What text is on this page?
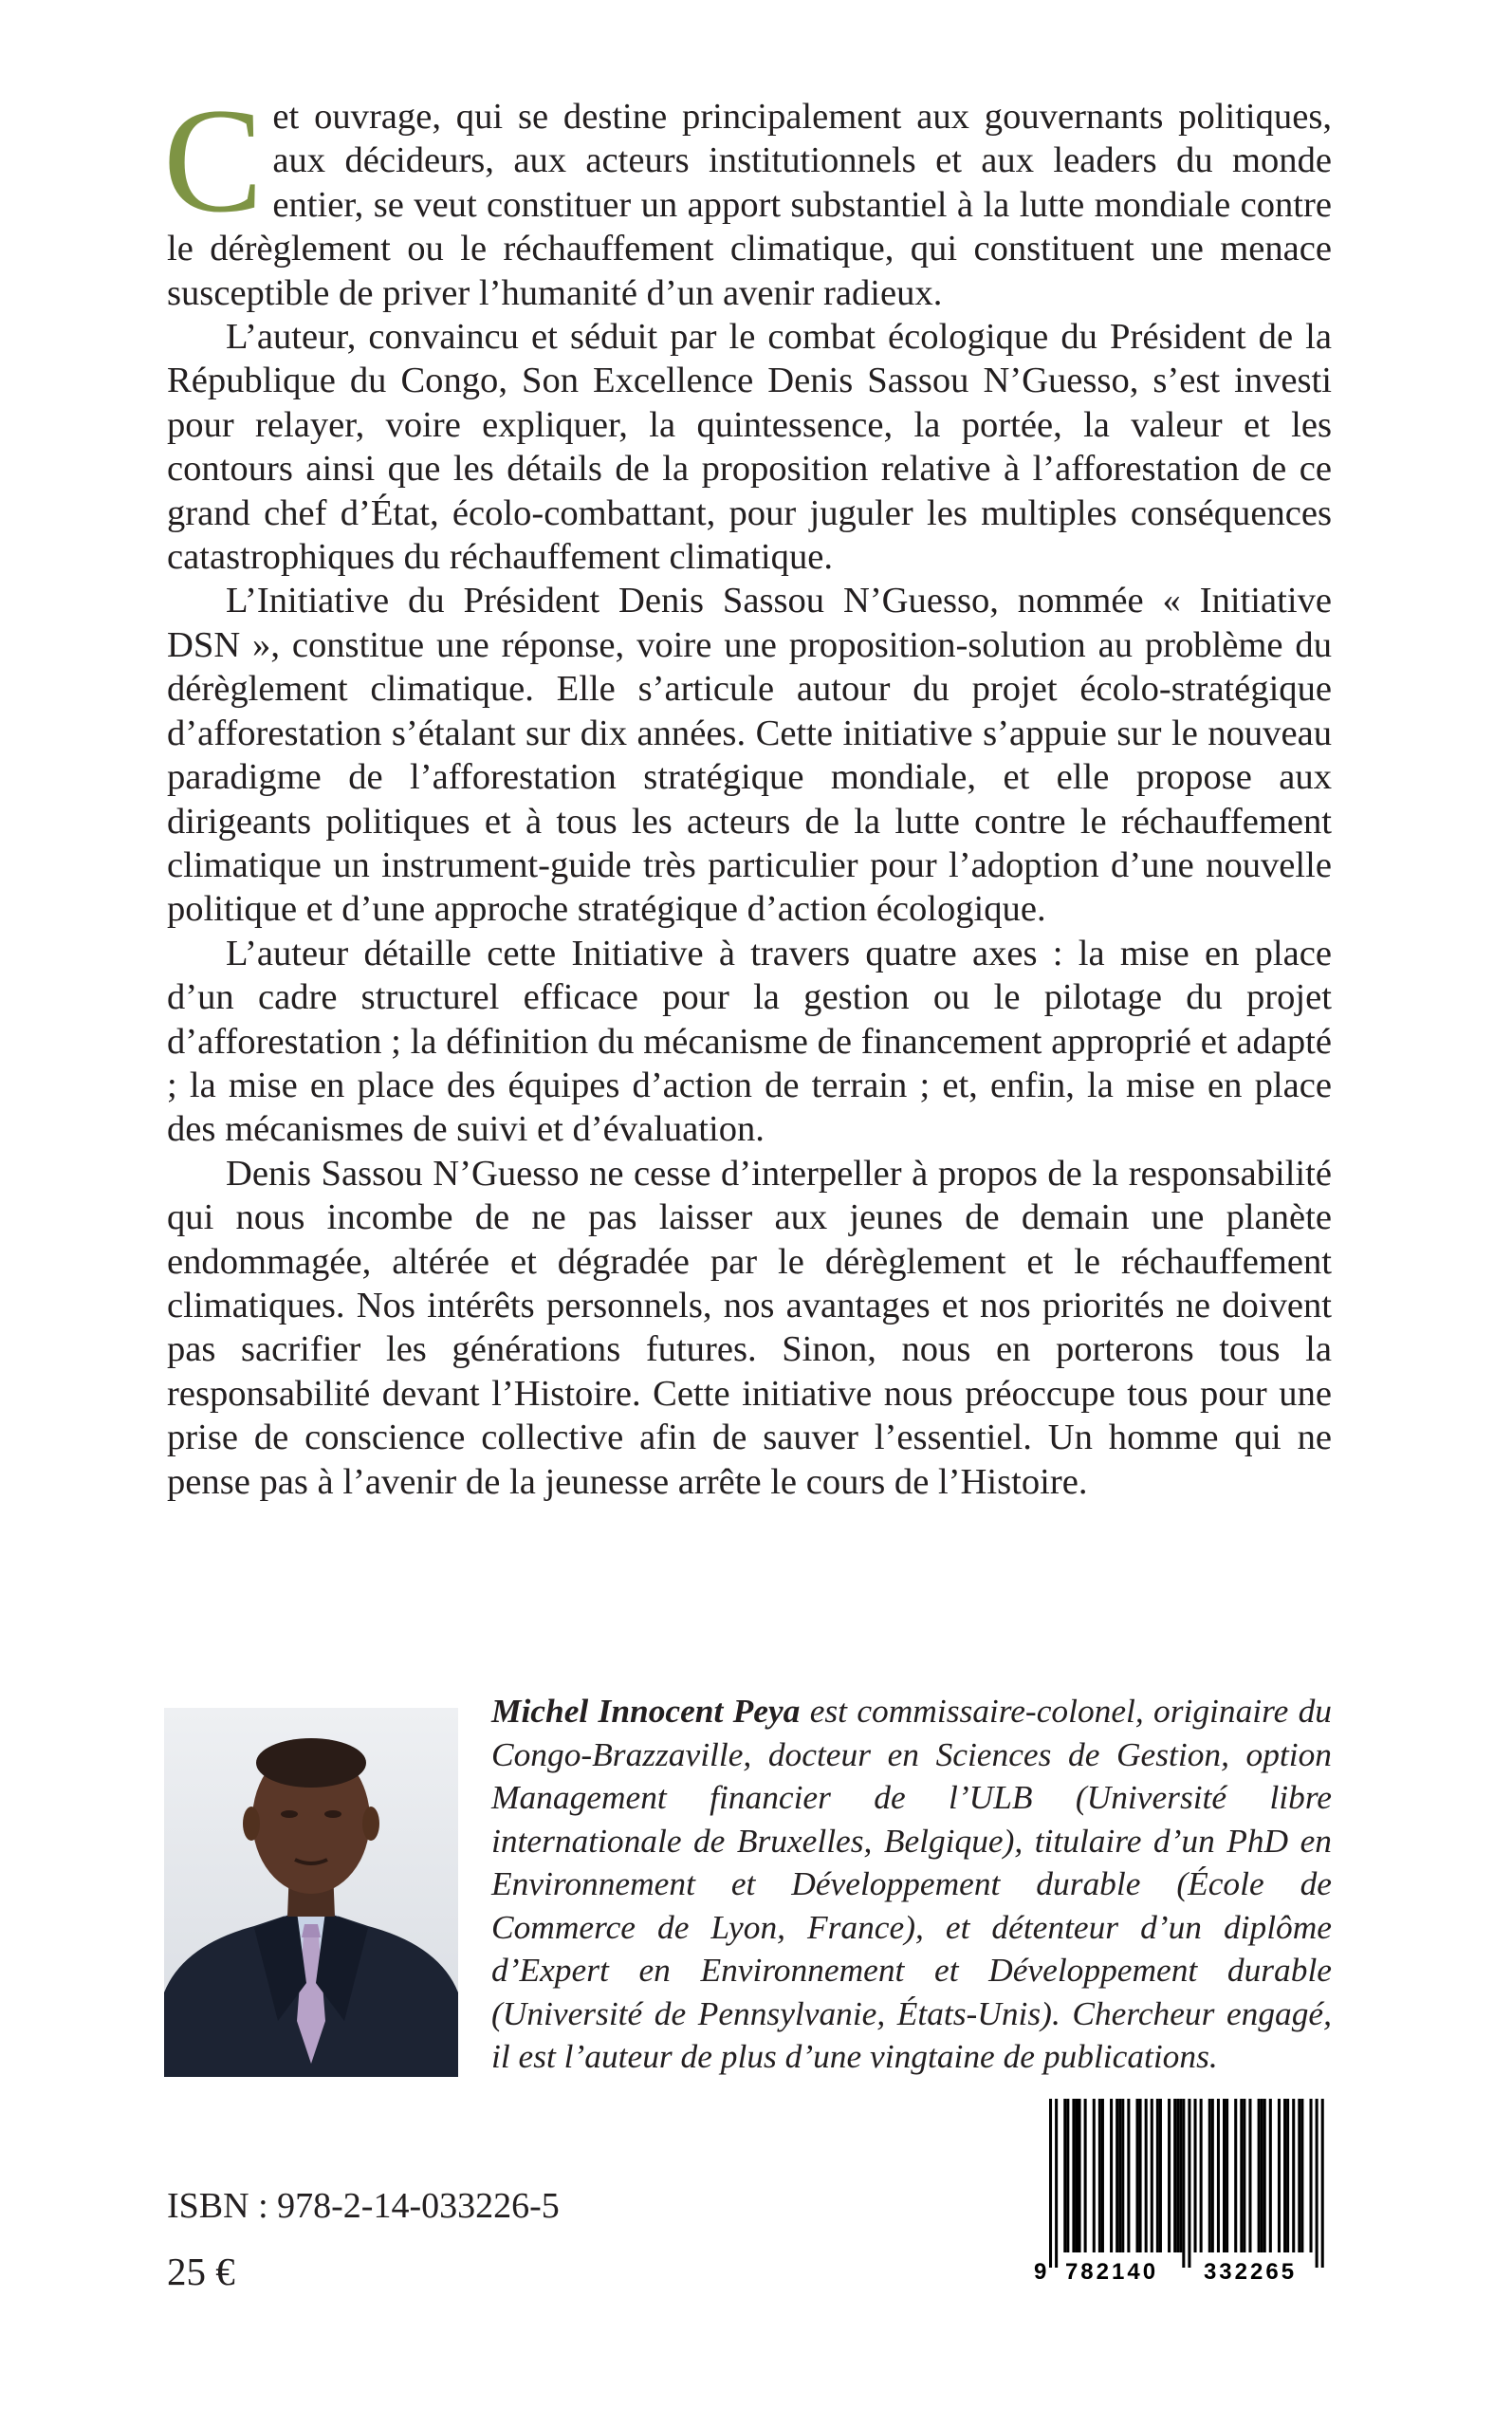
Cet ouvrage, qui se destine principalement aux gouvernants politiques, aux décideurs, aux acteurs institutionnels et aux leaders du monde entier, se veut constituer un apport substantiel à la lutte mondiale contre le dérèglement ou le réchauffement climatique, qui constituent une menace susceptible de priver l’humanité d’un avenir radieux.

L’auteur, convaincu et séduit par le combat écologique du Président de la République du Congo, Son Excellence Denis Sassou N’Guesso, s’est investi pour relayer, voire expliquer, la quintessence, la portée, la valeur et les contours ainsi que les détails de la proposition relative à l’afforestation de ce grand chef d’État, écolo-combattant, pour juguler les multiples conséquences catastrophiques du réchauffement climatique.

L’Initiative du Président Denis Sassou N’Guesso, nommée « Initiative DSN », constitue une réponse, voire une proposition-solution au problème du dérèglement climatique. Elle s’articule autour du projet écolo-stratégique d’afforestation s’étalant sur dix années. Cette initiative s’appuie sur le nouveau paradigme de l’afforestation stratégique mondiale, et elle propose aux dirigeants politiques et à tous les acteurs de la lutte contre le réchauffement climatique un instrument-guide très particulier pour l’adoption d’une nouvelle politique et d’une approche stratégique d’action écologique.

L’auteur détaille cette Initiative à travers quatre axes : la mise en place d’un cadre structurel efficace pour la gestion ou le pilotage du projet d’afforestation ; la définition du mécanisme de financement approprié et adapté ; la mise en place des équipes d’action de terrain ; et, enfin, la mise en place des mécanismes de suivi et d’évaluation.

Denis Sassou N’Guesso ne cesse d’interpeller à propos de la responsabilité qui nous incombe de ne pas laisser aux jeunes de demain une planète endommagée, altérée et dégradée par le dérèglement et le réchauffement climatiques. Nos intérêts personnels, nos avantages et nos priorités ne doivent pas sacrifier les générations futures. Sinon, nous en porterons tous la responsabilité devant l’Histoire. Cette initiative nous préoccupe tous pour une prise de conscience collective afin de sauver l’essentiel. Un homme qui ne pense pas à l’avenir de la jeunesse arrête le cours de l’Histoire.

Michel Innocent Peya est commissaire-colonel, originaire du Congo-Brazzaville, docteur en Sciences de Gestion, option Management financier de l’ULB (Université libre internationale de Bruxelles, Belgique), titulaire d’un PhD en Environnement et Développement durable (École de Commerce de Lyon, France), et détenteur d’un diplôme d’Expert en Environnement et Développement durable (Université de Pennsylvanie, États-Unis). Chercheur engagé, il est l’auteur de plus d’une vingtaine de publications.
ISBN : 978-2-14-033226-5
25 €	9 782140 332265
